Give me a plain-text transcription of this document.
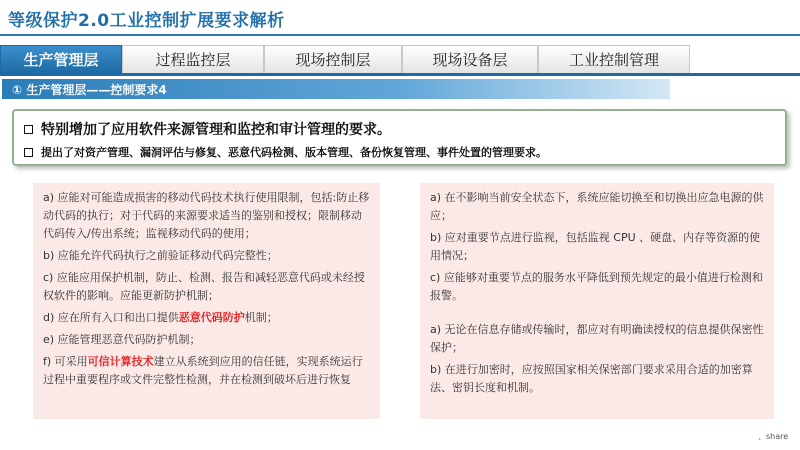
等级保护2.0工业控制扩展要求解析
生产管理层	过程监控层	现场控制层	现场设备层	工业控制管理
① 生产管理层——控制要求4
特别增加了应用软件来源管理和监控和审计管理的要求。
提出了对资产管理、漏洞评估与修复、恶意代码检测、版本管理、备份恢复管理、事件处置的管理要求。
a) 应能对可能造成损害的移动代码技术执行使用限制，包括:防止移动代码的执行；对于代码的来源要求适当的鉴别和授权；限制移动代码传入/传出系统；监视移动代码的使用；
b) 应能允许代码执行之前验证移动代码完整性；
c) 应能应用保护机制，防止、检测、报告和减轻恶意代码或未经授权软件的影响。应能更新防护机制；
d) 应在所有入口和出口提供恶意代码防护机制；
e) 应能管理恶意代码防护机制；
f) 可采用可信计算技术建立从系统到应用的信任链，实现系统运行过程中重要程序或文件完整性检测，并在检测到破坏后进行恢复
a) 在不影响当前安全状态下，系统应能切换至和切换出应急电源的供应；
b) 应对重要节点进行监视，包括监视 CPU 、硬盘、内存等资源的使用情况；
c) 应能够对重要节点的服务水平降低到预先规定的最小值进行检测和报警。
a) 无论在信息存储或传输时，都应对有明确读授权的信息提供保密性保护；
b) 在进行加密时，应按照国家相关保密部门要求采用合适的加密算法、密钥长度和机制。
、share
